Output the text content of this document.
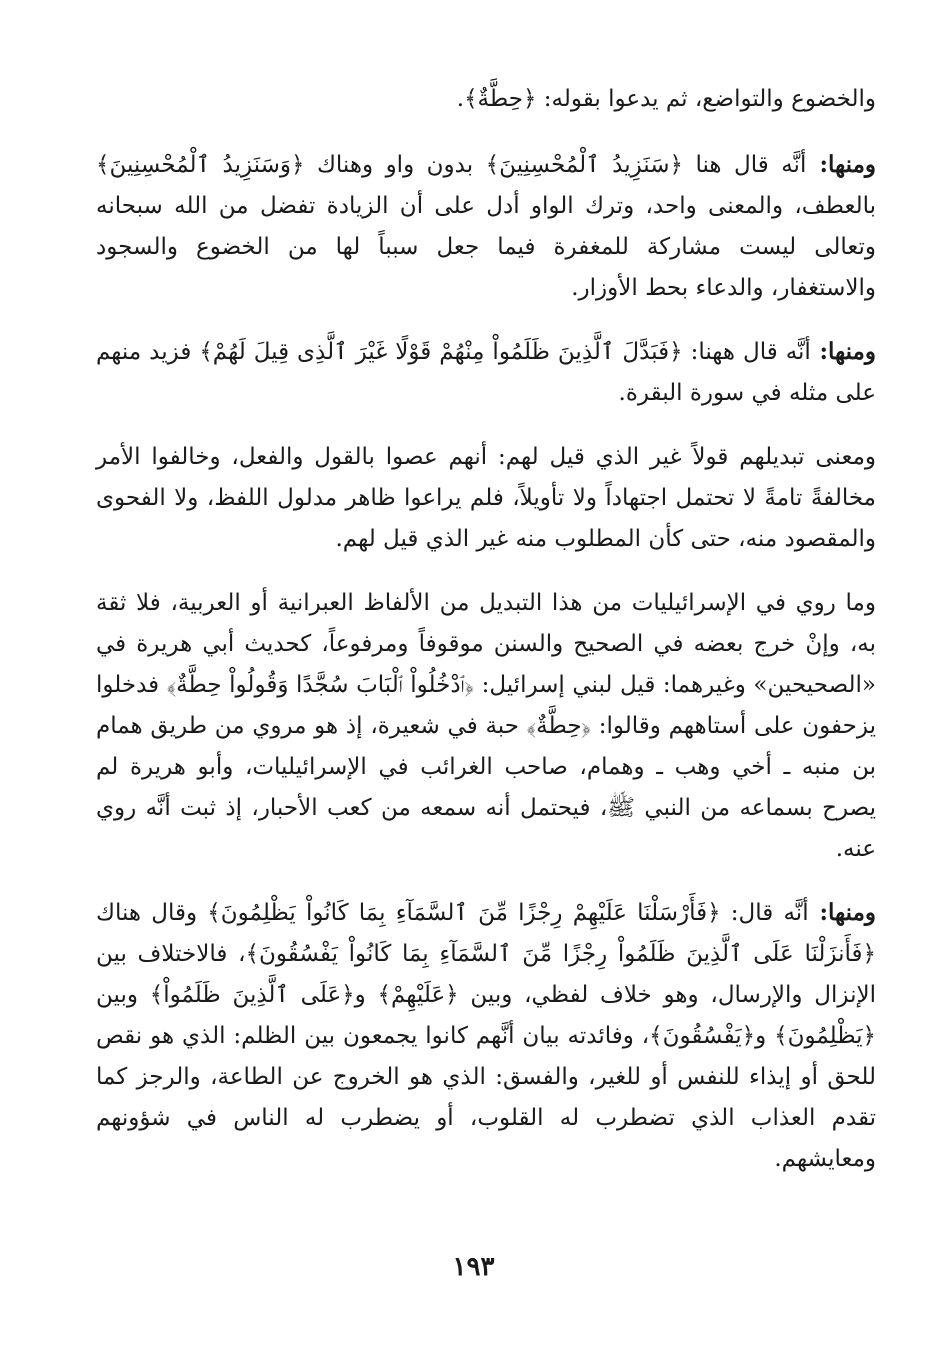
والخضوع والتواضع، ثم يدعوا بقوله: ﴿حِطَّةٌ﴾.

ومنها: أنَّه قال هنا ﴿سَنَزِيدُ ٱلْمُحْسِنِينَ﴾ بدون واو وهناك ﴿وَسَنَزِيدُ ٱلْمُحْسِنِينَ﴾ بالعطف، والمعنى واحد، وترك الواو أدل على أن الزيادة تفضل من الله سبحانه وتعالى ليست مشاركة للمغفرة فيما جعل سبباً لها من الخضوع والسجود والاستغفار، والدعاء بحط الأوزار.

ومنها: أنَّه قال ههنا: ﴿فَبَدَّلَ ٱلَّذِينَ ظَلَمُواْ مِنْهُمْ قَوْلًا غَيْرَ ٱلَّذِى قِيلَ لَهُمْ﴾ فزيد منهم على مثله في سورة البقرة.

ومعنى تبديلهم قولاً غير الذي قيل لهم: أنهم عصوا بالقول والفعل، وخالفوا الأمر مخالفةً تامةً لا تحتمل اجتهاداً ولا تأويلاً، فلم يراعوا ظاهر مدلول اللفظ، ولا الفحوى والمقصود منه، حتى كأن المطلوب منه غير الذي قيل لهم.

وما روي في الإسرائيليات من هذا التبديل من الألفاظ العبرانية أو العربية، فلا ثقة به، وإنْ خرج بعضه في الصحيح والسنن موقوفاً ومرفوعاً، كحديث أبي هريرة في «الصحيحين» وغيرهما: قيل لبني إسرائيل: ﴿ٱدْخُلُواْ ٱلْبَابَ سُجَّدًا وَقُولُواْ حِطَّةٌ﴾ فدخلوا يزحفون على أستاههم وقالوا: ﴿حِطَّةٌ﴾ حبة في شعيرة، إذ هو مروي من طريق همام بن منبه ـ أخي وهب ـ وهمام، صاحب الغرائب في الإسرائيليات، وأبو هريرة لم يصرح بسماعه من النبي ﷺ، فيحتمل أنه سمعه من كعب الأحبار، إذ ثبت أنَّه روي عنه.

ومنها: أنَّه قال: ﴿فَأَرْسَلْنَا عَلَيْهِمْ رِجْزًا مِّنَ ٱلسَّمَآءِ بِمَا كَانُواْ يَظْلِمُونَ﴾ وقال هناك ﴿فَأَنزَلْنَا عَلَى ٱلَّذِينَ ظَلَمُواْ رِجْزًا مِّنَ ٱلسَّمَآءِ بِمَا كَانُواْ يَفْسُقُونَ﴾، فالاختلاف بين الإنزال والإرسال، وهو خلاف لفظي، وبين ﴿عَلَيْهِمْ﴾ و﴿عَلَى ٱلَّذِينَ ظَلَمُواْ﴾ وبين ﴿يَظْلِمُونَ﴾ و﴿يَفْسُقُونَ﴾، وفائدته بيان أنَّهم كانوا يجمعون بين الظلم: الذي هو نقص للحق أو إيذاء للنفس أو للغير، والفسق: الذي هو الخروج عن الطاعة، والرجز كما تقدم العذاب الذي تضطرب له القلوب، أو يضطرب له الناس في شؤونهم ومعايشهم.

١٩٣
